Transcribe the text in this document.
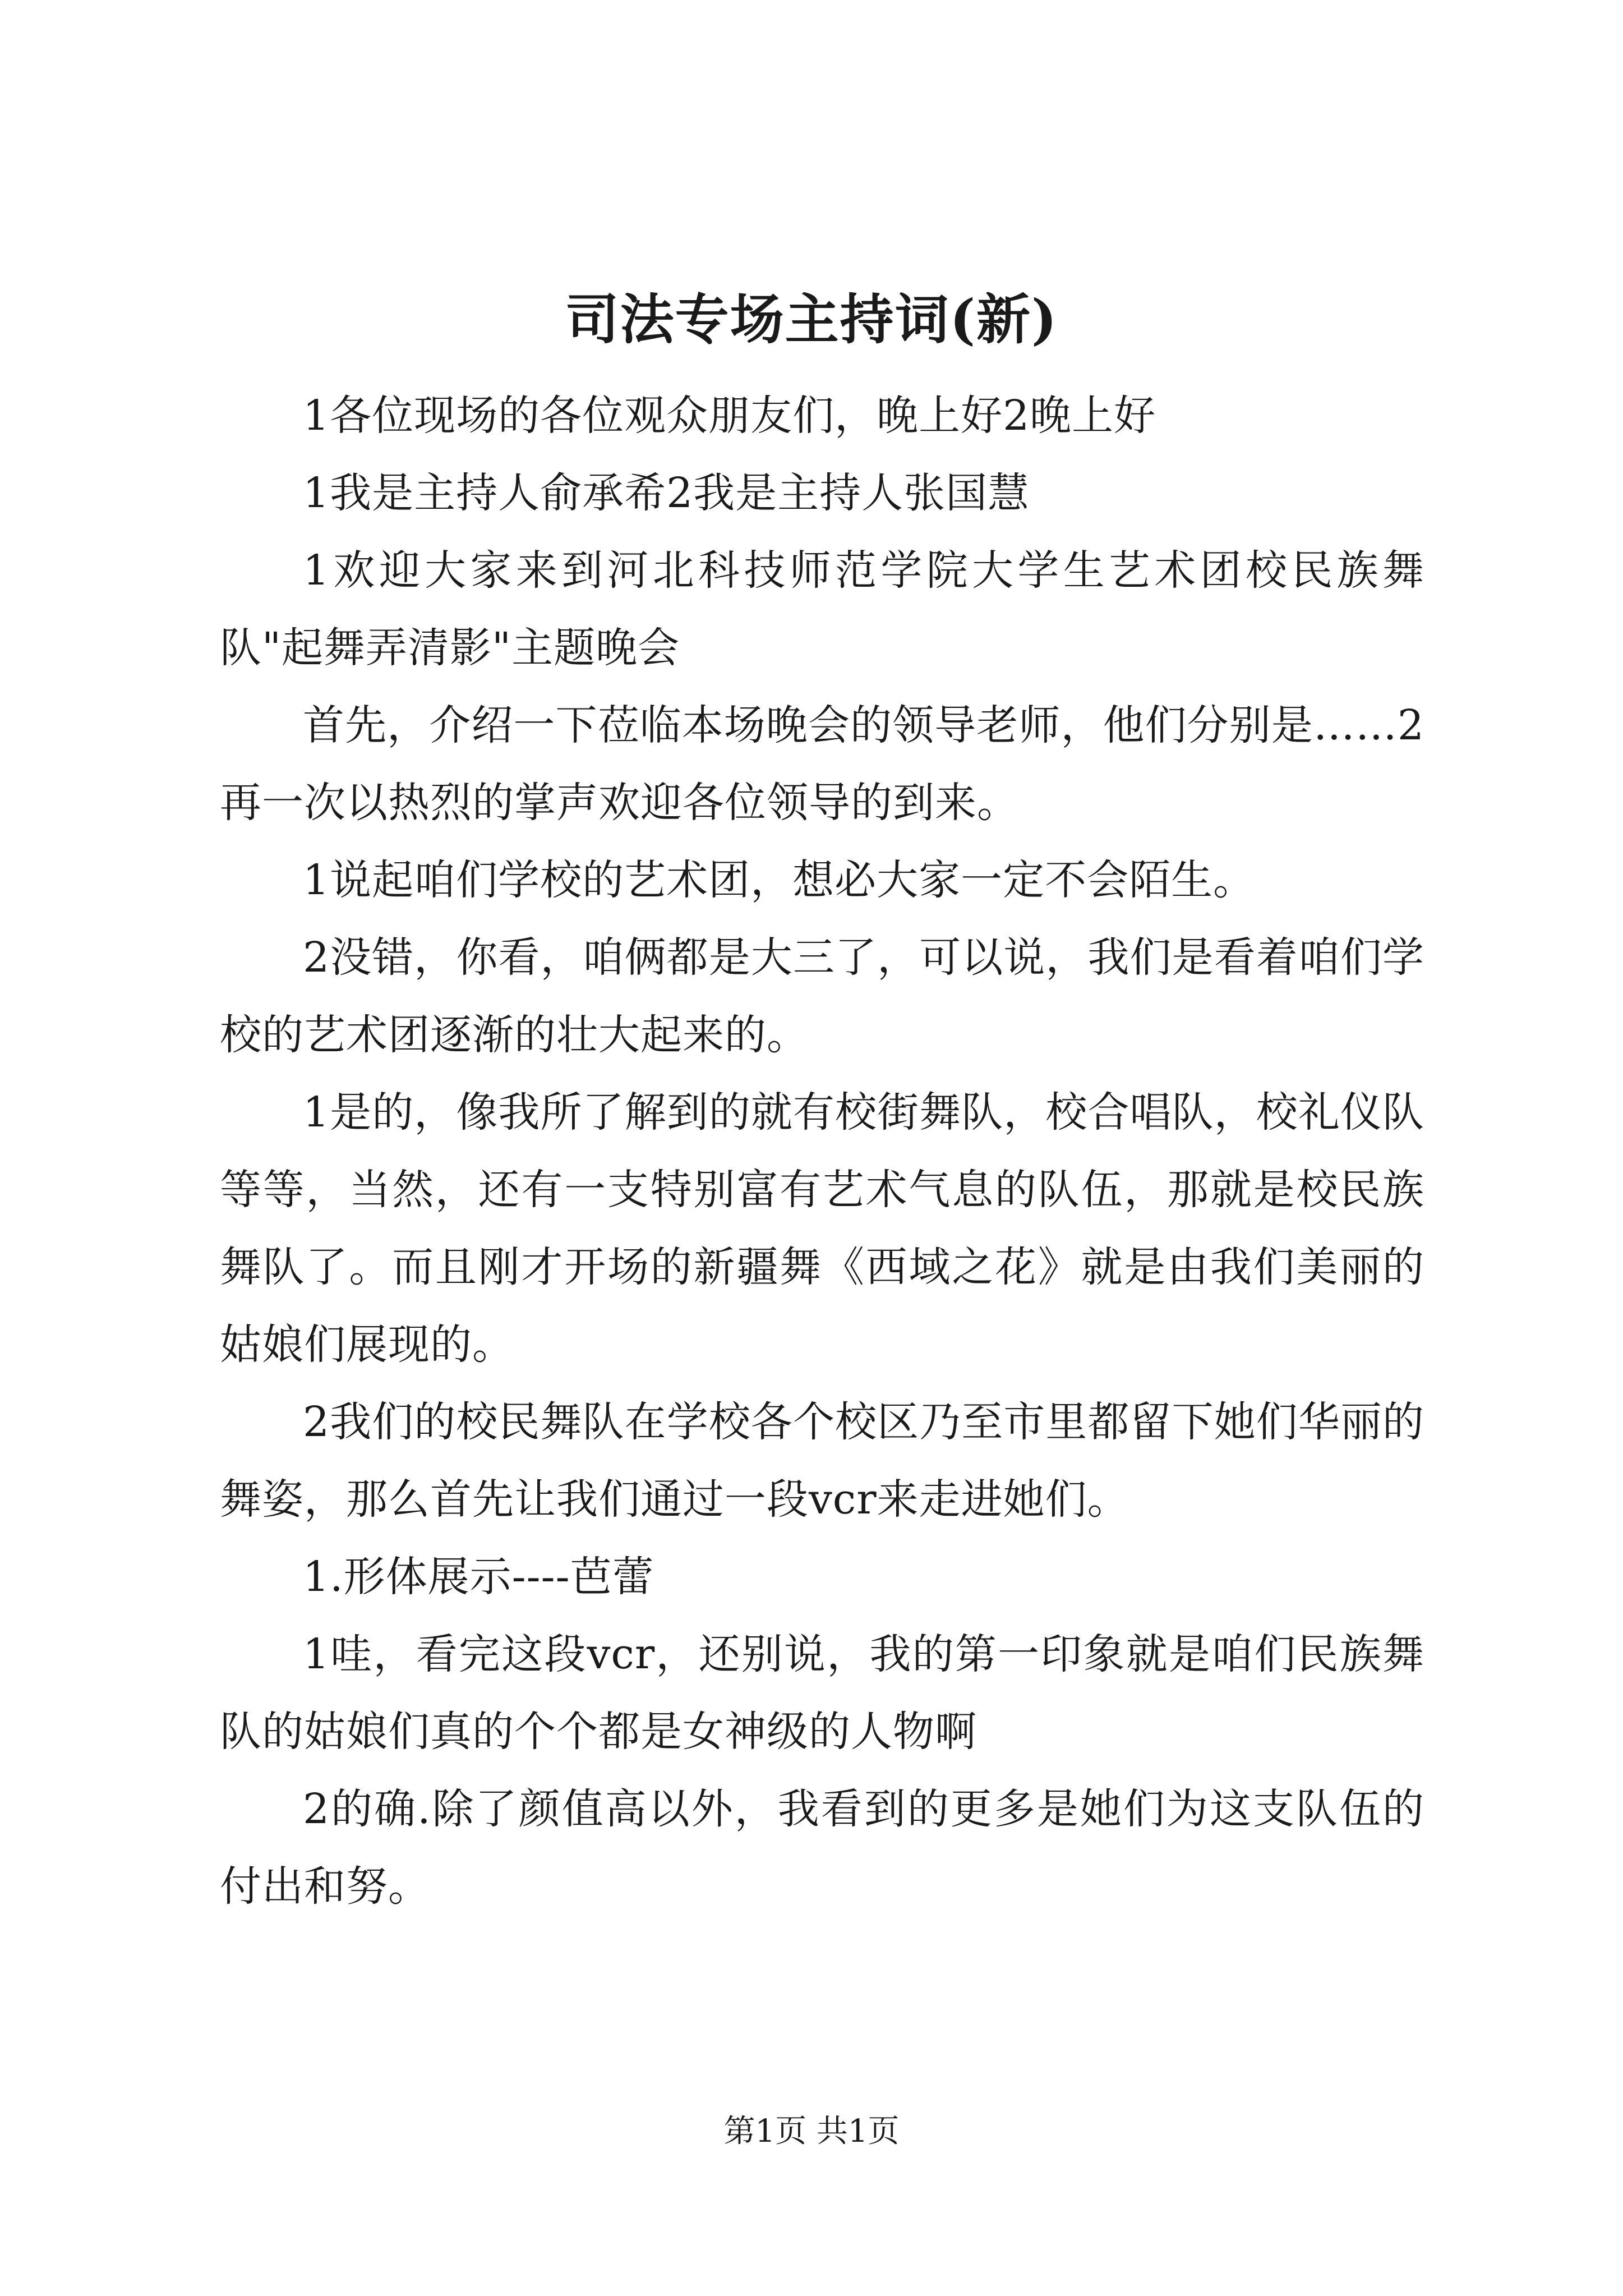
司法专场主持词(新)

1各位现场的各位观众朋友们，晚上好2晚上好

1我是主持人俞承希2我是主持人张国慧

1欢迎大家来到河北科技师范学院大学生艺术团校民族舞队"起舞弄清影"主题晚会

首先，介绍一下莅临本场晚会的领导老师，他们分别是……2再一次以热烈的掌声欢迎各位领导的到来。

1说起咱们学校的艺术团，想必大家一定不会陌生。

2没错，你看，咱俩都是大三了，可以说，我们是看着咱们学校的艺术团逐渐的壮大起来的。

1是的，像我所了解到的就有校街舞队，校合唱队，校礼仪队等等，当然，还有一支特别富有艺术气息的队伍，那就是校民族舞队了。而且刚才开场的新疆舞《西域之花》就是由我们美丽的姑娘们展现的。

2我们的校民舞队在学校各个校区乃至市里都留下她们华丽的舞姿，那么首先让我们通过一段vcr来走进她们。

1.形体展示----芭蕾

1哇，看完这段vcr，还别说，我的第一印象就是咱们民族舞队的姑娘们真的个个都是女神级的人物啊

2的确.除了颜值高以外，我看到的更多是她们为这支队伍的付出和努。

第1页 共1页
